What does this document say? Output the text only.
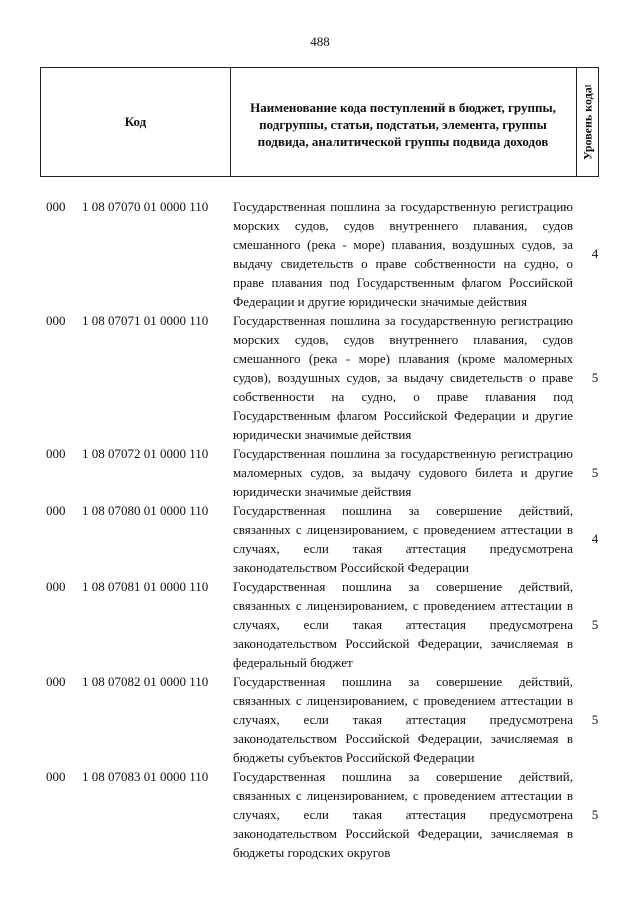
488
Код
Наименование кода поступлений в бюджет, группы, подгруппы, статьи, подстатьи, элемента, группы подвида, аналитической группы подвида доходов	Уровень кода
1
000 1 08 07070 01 0000 110 Государственная пошлина за государственную регистрацию морских судов, судов внутреннего плавания, судов смешанного (река - море) плавания, воздушных судов, за выдачу свидетельств о праве собственности на судно, о праве плавания под Государственным флагом Российской Федерации и другие юридически значимые действия
4
000 1 08 07071 01 0000 110 Государственная пошлина за государственную регистрацию морских судов, судов внутреннего плавания, судов смешанного (река - море) плавания (кроме маломерных судов), воздушных судов, за выдачу свидетельств о праве собственности на судно, о праве плавания под Государственным флагом Российской Федерации и другие юридически значимые действия
5
000 1 08 07072 01 0000 110 Государственная пошлина за государственную регистрацию маломерных судов, за выдачу судового билета и другие юридически значимые действия
5
000 1 08 07080 01 0000 110 Государственная пошлина за совершение действий, связанных с лицензированием, с проведением аттестации в случаях, если такая аттестация предусмотрена законодательством Российской Федерации
4
000 1 08 07081 01 0000 110 Государственная пошлина за совершение действий, связанных с лицензированием, с проведением аттестации в случаях, если такая аттестация предусмотрена законодательством Российской Федерации, зачисляемая в федеральный бюджет
5
000 1 08 07082 01 0000 110 Государственная пошлина за совершение действий, связанных с лицензированием, с проведением аттестации в случаях, если такая аттестация предусмотрена законодательством Российской Федерации, зачисляемая в бюджеты субъектов Российской Федерации
5
000 1 08 07083 01 0000 110 Государственная пошлина за совершение действий, связанных с лицензированием, с проведением аттестации в случаях, если такая аттестация предусмотрена законодательством Российской Федерации, зачисляемая в бюджеты городских округов
5
